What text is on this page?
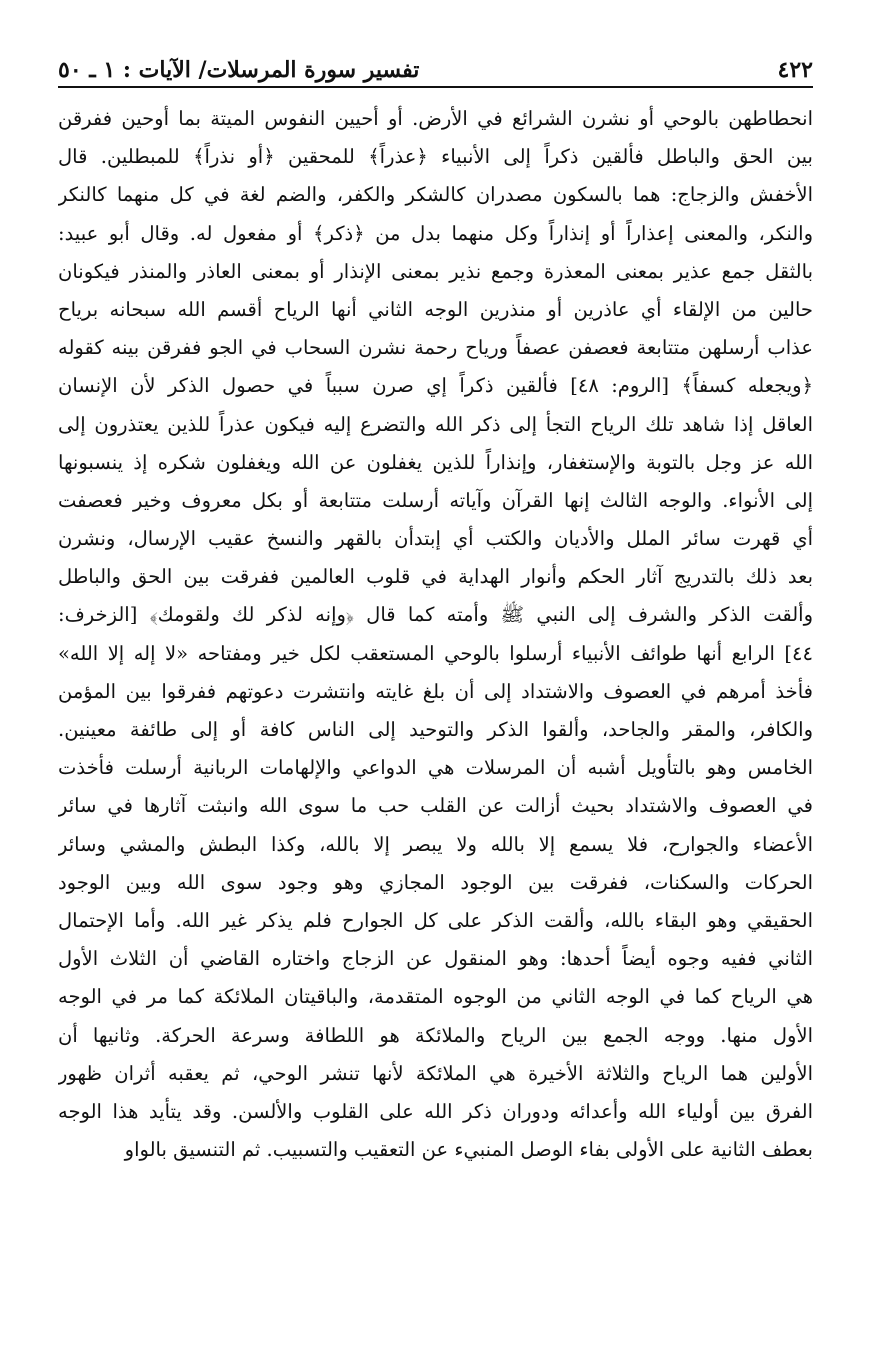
٤٢٢
تفسير سورة المرسلات/ الآيات : ١ ـ ٥٠
انحطاطهن بالوحي أو نشرن الشرائع في الأرض. أو أحيين النفوس الميتة بما أوحين ففرقن
بين الحق والباطل فألقين ذكراً إلى الأنبياء ﴿عذراً﴾ للمحقين ﴿أو نذراً﴾ للمبطلين. قال
الأخفش والزجاج: هما بالسكون مصدران كالشكر والكفر، والضم لغة في كل منهما كالنكر
والنكر، والمعنى إعذاراً أو إنذاراً وكل منهما بدل من ﴿ذكر﴾ أو مفعول له. وقال أبو عبيد:
بالثقل جمع عذير بمعنى المعذرة وجمع نذير بمعنى الإنذار أو بمعنى العاذر والمنذر فيكونان
حالين من الإلقاء أي عاذرين أو منذرين الوجه الثاني أنها الرياح أقسم الله سبحانه برياح
عذاب أرسلهن متتابعة فعصفن عصفاً ورياح رحمة نشرن السحاب في الجو ففرقن بينه كقوله
﴿ويجعله كسفاً﴾ [الروم: ٤٨] فألقين ذكراً إي صرن سبباً في حصول الذكر لأن الإنسان
العاقل إذا شاهد تلك الرياح التجأ إلى ذكر الله والتضرع إليه فيكون عذراً للذين يعتذرون إلى
الله عز وجل بالتوبة والإستغفار، وإنذاراً للذين يغفلون عن الله ويغفلون شكره إذ ينسبونها
إلى الأنواء. والوجه الثالث إنها القرآن وآياته أرسلت متتابعة أو بكل معروف وخير فعصفت
أي قهرت سائر الملل والأديان والكتب أي إبتدأن بالقهر والنسخ عقيب الإرسال، ونشرن
بعد ذلك بالتدريج آثار الحكم وأنوار الهداية في قلوب العالمين ففرقت بين الحق والباطل
وألقت الذكر والشرف إلى النبي ﷺ وأمته كما قال ﴿وإنه لذكر لك ولقومك﴾ [الزخرف:
٤٤] الرابع أنها طوائف الأنبياء أرسلوا بالوحي المستعقب لكل خير ومفتاحه «لا إله إلا الله»
فأخذ أمرهم في العصوف والاشتداد إلى أن بلغ غايته وانتشرت دعوتهم ففرقوا بين المؤمن
والكافر، والمقر والجاحد، وألقوا الذكر والتوحيد إلى الناس كافة أو إلى طائفة معينين.
الخامس وهو بالتأويل أشبه أن المرسلات هي الدواعي والإلهامات الربانية أرسلت فأخذت
في العصوف والاشتداد بحيث أزالت عن القلب حب ما سوى الله وانبثت آثارها في سائر
الأعضاء والجوارح، فلا يسمع إلا بالله ولا يبصر إلا بالله، وكذا البطش والمشي وسائر
الحركات والسكنات، ففرقت بين الوجود المجازي وهو وجود سوى الله وبين الوجود
الحقيقي وهو البقاء بالله، وألقت الذكر على كل الجوارح فلم يذكر غير الله. وأما الإحتمال
الثاني ففيه وجوه أيضاً أحدها: وهو المنقول عن الزجاج واختاره القاضي أن الثلاث الأول
هي الرياح كما في الوجه الثاني من الوجوه المتقدمة، والباقيتان الملائكة كما مر في الوجه
الأول منها. ووجه الجمع بين الرياح والملائكة هو اللطافة وسرعة الحركة. وثانيها أن
الأولين هما الرياح والثلاثة الأخيرة هي الملائكة لأنها تنشر الوحي، ثم يعقبه أثران ظهور
الفرق بين أولياء الله وأعدائه ودوران ذكر الله على القلوب والألسن. وقد يتأيد هذا الوجه
بعطف الثانية على الأولى بفاء الوصل المنبيء عن التعقيب والتسبيب. ثم التنسيق بالواو
